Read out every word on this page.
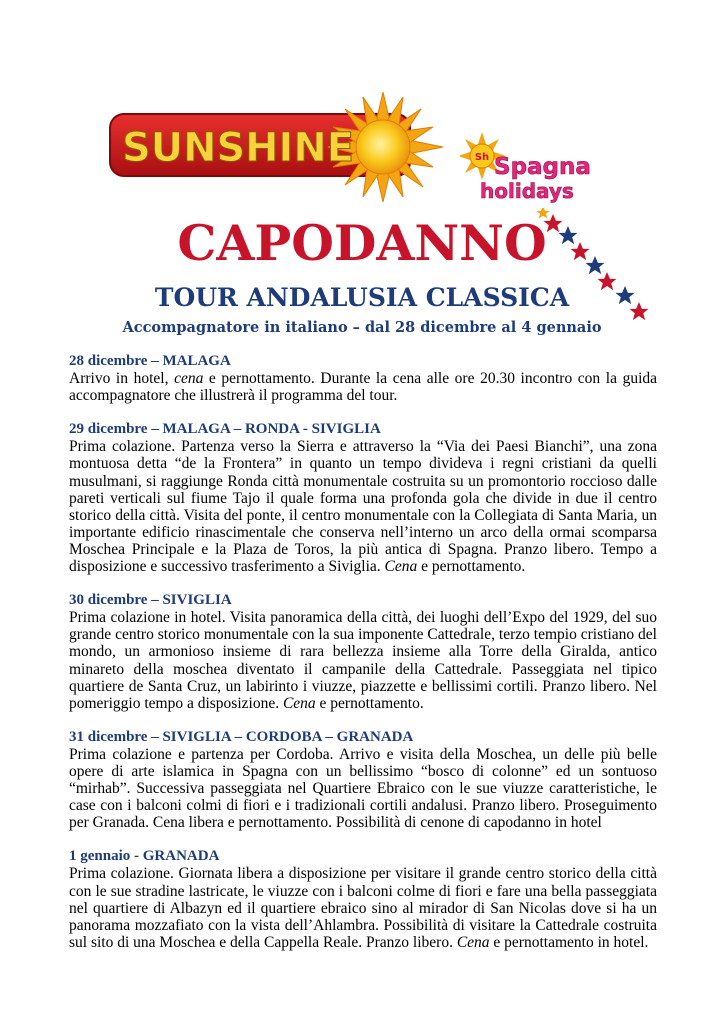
SUNSHINE	Sh Spagna
holidays
CAPODANNO
TOUR ANDALUSIA CLASSICA

Accompagnatore in italiano – dal 28 dicembre al 4 gennaio

28 dicembre – MALAGA

Arrivo in hotel, cena e pernottamento. Durante la cena alle ore 20.30 incontro con la guida accompagnatore che illustrerà il programma del tour.

29 dicembre – MALAGA – RONDA - SIVIGLIA

Prima colazione. Partenza verso la Sierra e attraverso la “Via dei Paesi Bianchi”, una zona montuosa detta “de la Frontera” in quanto un tempo divideva i regni cristiani da quelli musulmani, si raggiunge Ronda città monumentale costruita su un promontorio roccioso dalle pareti verticali sul fiume Tajo il quale forma una profonda gola che divide in due il centro storico della città. Visita del ponte, il centro monumentale con la Collegiata di Santa Maria, un importante edificio rinascimentale che conserva nell’interno un arco della ormai scomparsa Moschea Principale e la Plaza de Toros, la più antica di Spagna. Pranzo libero. Tempo a disposizione e successivo trasferimento a Siviglia. Cena e pernottamento.

30 dicembre – SIVIGLIA

Prima colazione in hotel. Visita panoramica della città, dei luoghi dell’Expo del 1929, del suo grande centro storico monumentale con la sua imponente Cattedrale, terzo tempio cristiano del mondo, un armonioso insieme di rara bellezza insieme alla Torre della Giralda, antico minareto della moschea diventato il campanile della Cattedrale. Passeggiata nel tipico quartiere de Santa Cruz, un labirinto i viuzze, piazzette e bellissimi cortili. Pranzo libero. Nel pomeriggio tempo a disposizione. Cena e pernottamento.

31 dicembre – SIVIGLIA – CORDOBA – GRANADA

Prima colazione e partenza per Cordoba. Arrivo e visita della Moschea, un delle più belle opere di arte islamica in Spagna con un bellissimo “bosco di colonne” ed un sontuoso “mirhab”. Successiva passeggiata nel Quartiere Ebraico con le sue viuzze caratteristiche, le case con i balconi colmi di fiori e i tradizionali cortili andalusi. Pranzo libero. Proseguimento per Granada. Cena libera e pernottamento. Possibilità di cenone di capodanno in hotel

1 gennaio - GRANADA

Prima colazione. Giornata libera a disposizione per visitare il grande centro storico della città con le sue stradine lastricate, le viuzze con i balconi colme di fiori e fare una bella passeggiata nel quartiere di Albazyn ed il quartiere ebraico sino al mirador di San Nicolas dove si ha un panorama mozzafiato con la vista dell’Ahlambra. Possibilità di visitare la Cattedrale costruita sul sito di una Moschea e della Cappella Reale. Pranzo libero. Cena e pernottamento in hotel.
